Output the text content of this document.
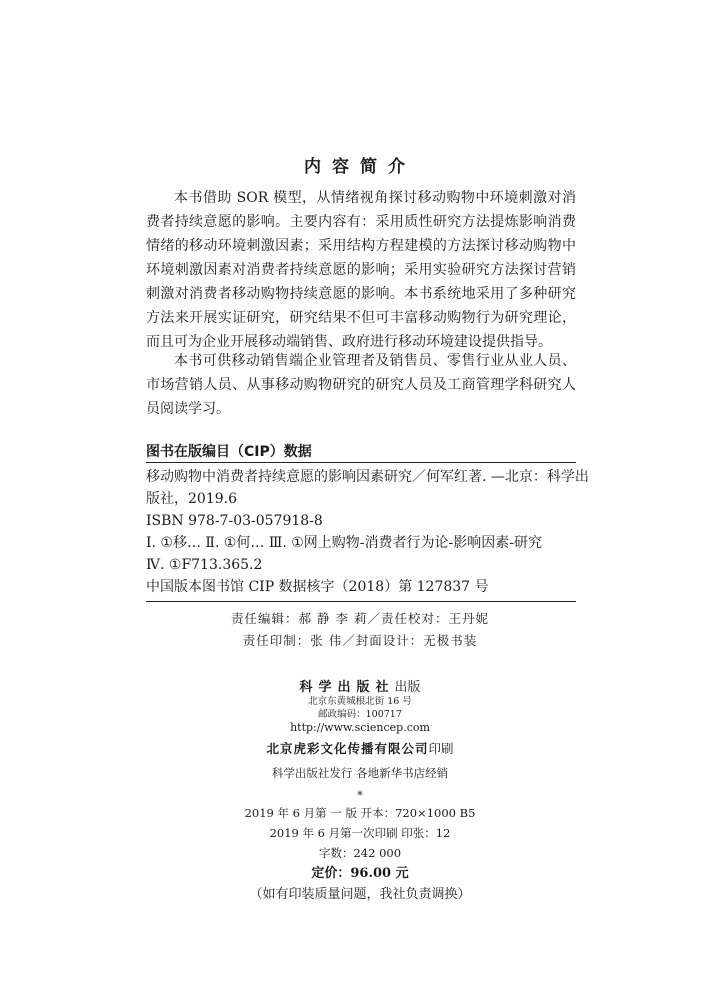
内容简介

本书借助 SOR 模型，从情绪视角探讨移动购物中环境刺激对消费者持续意愿的影响。主要内容有：采用质性研究方法提炼影响消费情绪的移动环境刺激因素；采用结构方程建模的方法探讨移动购物中环境刺激因素对消费者持续意愿的影响；采用实验研究方法探讨营销刺激对消费者移动购物持续意愿的影响。本书系统地采用了多种研究方法来开展实证研究，研究结果不但可丰富移动购物行为研究理论，而且可为企业开展移动端销售、政府进行移动环境建设提供指导。

本书可供移动销售端企业管理者及销售员、零售行业从业人员、市场营销人员、从事移动购物研究的研究人员及工商管理学科研究人员阅读学习。

图书在版编目（CIP）数据
移动购物中消费者持续意愿的影响因素研究／何军红著. —北京：科学出
版社，2019.6
ISBN 978-7-03-057918-8
Ⅰ. ①移… Ⅱ. ①何… Ⅲ. ①网上购物-消费者行为论-影响因素-研究
Ⅳ. ①F713.365.2
中国版本图书馆 CIP 数据核字（2018）第 127837 号
责任编辑：郝 静 李 莉／责任校对：王丹妮
责任印制：张 伟／封面设计：无极书装
科学出版社出版
北京东黄城根北街 16 号
邮政编码：100717
http://www.sciencep.com
北京虎彩文化传播有限公司印刷
科学出版社发行 各地新华书店经销
*
2019 年 6 月第 一 版 开本：720×1000 B5
2019 年 6 月第一次印刷 印张：12
字数：242 000
定价：96.00 元
（如有印装质量问题，我社负责调换）
